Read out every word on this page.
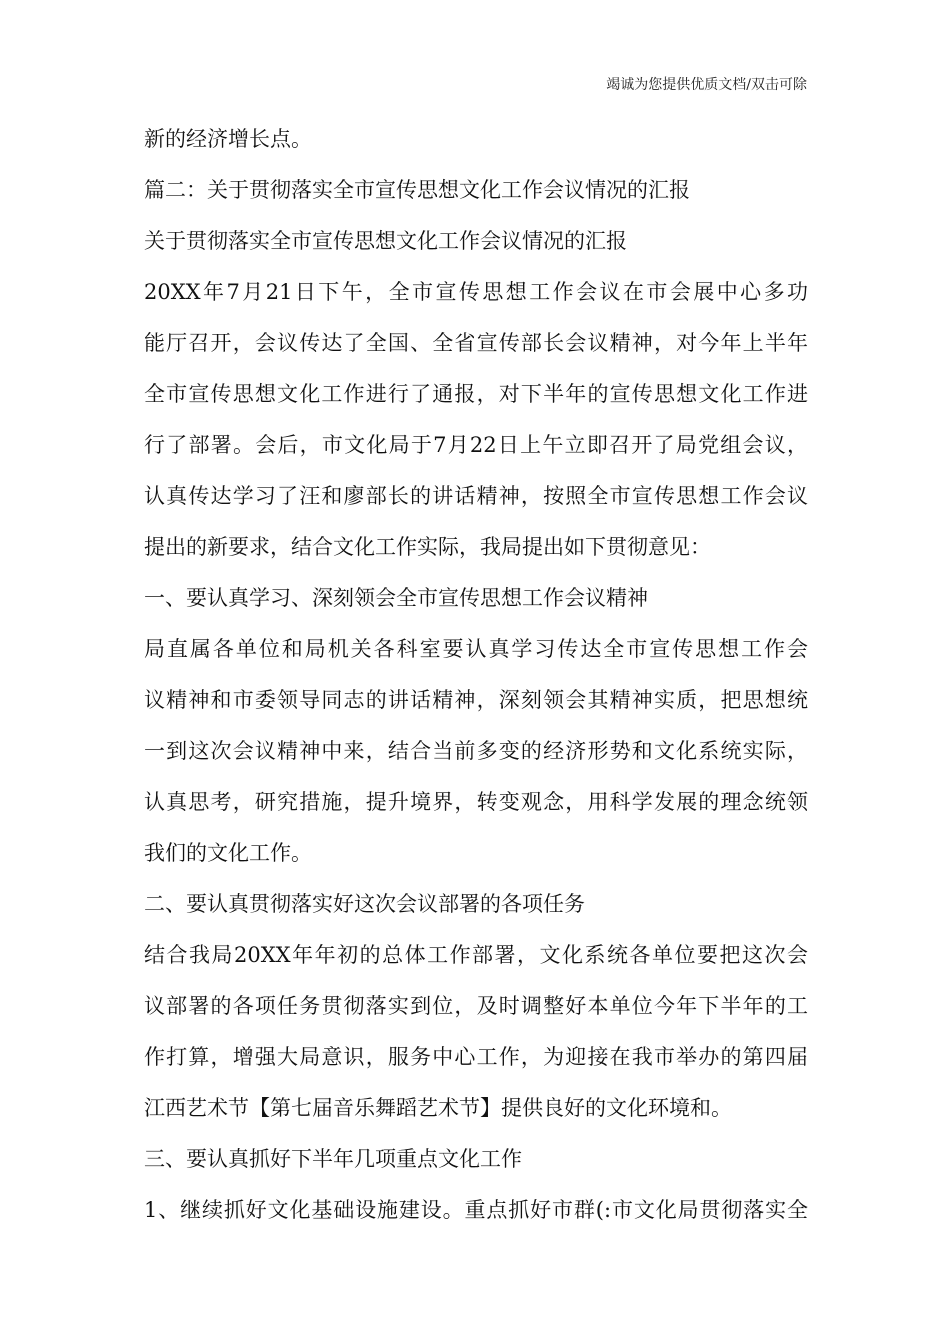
竭诚为您提供优质文档/双击可除
新的经济增长点。
篇二：关于贯彻落实全市宣传思想文化工作会议情况的汇报
关于贯彻落实全市宣传思想文化工作会议情况的汇报
20XX年7月21日下午，全市宣传思想工作会议在市会展中心多功
能厅召开，会议传达了全国、全省宣传部长会议精神，对今年上半年
全市宣传思想文化工作进行了通报，对下半年的宣传思想文化工作进
行了部署。会后，市文化局于7月22日上午立即召开了局党组会议，
认真传达学习了汪和廖部长的讲话精神，按照全市宣传思想工作会议
提出的新要求，结合文化工作实际，我局提出如下贯彻意见：
一、要认真学习、深刻领会全市宣传思想工作会议精神
局直属各单位和局机关各科室要认真学习传达全市宣传思想工作会
议精神和市委领导同志的讲话精神，深刻领会其精神实质，把思想统
一到这次会议精神中来，结合当前多变的经济形势和文化系统实际，
认真思考，研究措施，提升境界，转变观念，用科学发展的理念统领
我们的文化工作。
二、要认真贯彻落实好这次会议部署的各项任务
结合我局20XX年年初的总体工作部署，文化系统各单位要把这次会
议部署的各项任务贯彻落实到位，及时调整好本单位今年下半年的工
作打算，增强大局意识，服务中心工作，为迎接在我市举办的第四届
江西艺术节【第七届音乐舞蹈艺术节】提供良好的文化环境和。
三、要认真抓好下半年几项重点文化工作
1、继续抓好文化基础设施建设。重点抓好市群(:市文化局贯彻落实全
